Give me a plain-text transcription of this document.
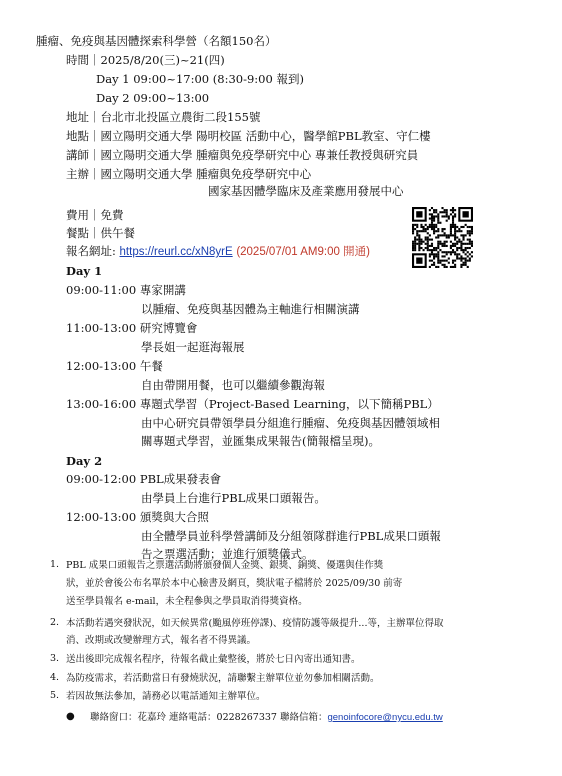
腫瘤、免疫與基因體探索科學營（名額150名）
時間｜2025/8/20(三)~21(四)
Day 1 09:00~17:00 (8:30-9:00 報到)
Day 2 09:00~13:00
地址｜台北市北投區立農街二段155號
地點｜國立陽明交通大學 陽明校區 活動中心，醫學館PBL教室、守仁樓
講師｜國立陽明交通大學 腫瘤與免疫學研究中心 專兼任教授與研究員
主辦｜國立陽明交通大學 腫瘤與免疫學研究中心
國家基因體學臨床及產業應用發展中心
費用｜免費
餐點｜供午餐
報名網址: https://reurl.cc/xN8yrE (2025/07/01 AM9:00 開通)
Day 1
09:00-11:00 專家開講
以腫瘤、免疫與基因體為主軸進行相關演講
11:00-13:00 研究博覽會
學長姐一起逛海報展
12:00-13:00 午餐
自由帶開用餐，也可以繼續參觀海報
13:00-16:00 專題式學習（Project-Based Learning，以下簡稱PBL）
由中心研究員帶領學員分組進行腫瘤、免疫與基因體領域相
關專題式學習，並匯集成果報告(簡報檔呈現)。
Day 2
09:00-12:00 PBL成果發表會
由學員上台進行PBL成果口頭報告。
12:00-13:00 頒獎與大合照
由全體學員並科學營講師及分組領隊群進行PBL成果口頭報
告之票選活動；並進行頒獎儀式。
1. PBL 成果口頭報告之票選活動將頒發個人金獎、銀獎、銅獎、優選與佳作獎
狀，並於會後公布名單於本中心臉書及網頁，獎狀電子檔將於 2025/09/30 前寄
送至學員報名 e-mail，未全程參與之學員取消得獎資格。
2. 本活動若遇突發狀況，如天候異常(颱風停班停課)、疫情防護等級提升...等，主辦單位得取
消、改期或改變辦理方式，報名者不得異議。
3. 送出後即完成報名程序，待報名截止彙整後，將於七日內寄出通知書。
4. 為防疫需求，若活動當日有發燒狀況，請聯繫主辦單位並勿參加相關活動。
5. 若因故無法參加，請務必以電話通知主辦單位。
● 聯絡窗口：花嘉玲 連絡電話：0228267337 聯絡信箱：genoinfocore@nycu.edu.tw
